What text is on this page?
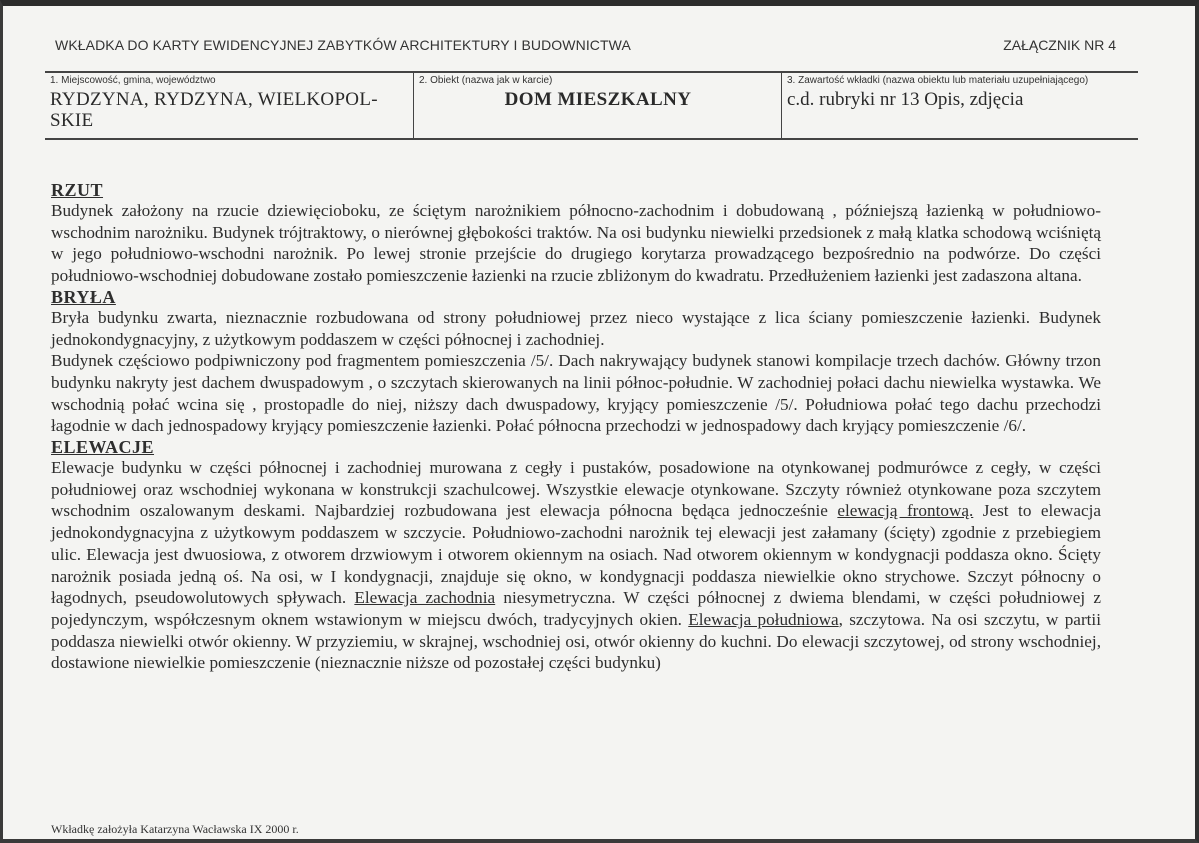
WKŁADKA DO KARTY EWIDENCYJNEJ ZABYTKÓW ARCHITEKTURY I BUDOWNICTWA	ZAŁĄCZNIK NR 4
1. Miejscowość, gmina, województwo
RYDZYNA, RYDZYNA, WIELKOPOL-SKIE
2. Obiekt (nazwa jak w karcie)
DOM MIESZKALNY
3. Zawartość wkładki (nazwa obiektu lub materiału uzupełniającego)
c.d. rubryki nr 13 Opis, zdjęcia
RZUT
Budynek założony na rzucie dziewięcioboku, ze ściętym narożnikiem północno-zachodnim i dobudowaną , późniejszą łazienką w południowo-wschodnim narożniku. Budynek trójtraktowy, o nierównej głębokości traktów. Na osi budynku niewielki przedsionek z małą klatka schodową wciśniętą w jego południowo-wschodni narożnik. Po lewej stronie przejście do drugiego korytarza prowadzącego bezpośrednio na podwórze. Do części południowo-wschodniej dobudowane zostało pomieszczenie łazienki na rzucie zbliżonym do kwadratu. Przedłużeniem łazienki jest zadaszona altana.
BRYŁA
Bryła budynku zwarta, nieznacznie rozbudowana od strony południowej przez nieco wystające z lica ściany pomieszczenie łazienki. Budynek jednokondygnacyjny, z użytkowym poddaszem w części północnej i zachodniej.
Budynek częściowo podpiwniczony pod fragmentem pomieszczenia /5/. Dach nakrywający budynek stanowi kompilacje trzech dachów. Główny trzon budynku nakryty jest dachem dwuspadowym , o szczytach skierowanych na linii północ-południe. W zachodniej połaci dachu niewielka wystawka. We wschodnią połać wcina się , prostopadle do niej, niższy dach dwuspadowy, kryjący pomieszczenie /5/. Południowa połać tego dachu przechodzi łagodnie w dach jednospadowy kryjący pomieszczenie łazienki. Połać północna przechodzi w jednospadowy dach kryjący pomieszczenie /6/.
ELEWACJE
Elewacje budynku w części północnej i zachodniej murowana z cegły i pustaków, posadowione na otynkowanej podmurówce z cegły, w części południowej oraz wschodniej wykonana w konstrukcji szachulcowej. Wszystkie elewacje otynkowane. Szczyty również otynkowane poza szczytem wschodnim oszalowanym deskami. Najbardziej rozbudowana jest elewacja północna będąca jednocześnie elewacją frontową. Jest to elewacja jednokondygnacyjna z użytkowym poddaszem w szczycie. Południowo-zachodni narożnik tej elewacji jest załamany (ścięty) zgodnie z przebiegiem ulic. Elewacja jest dwuosiowa, z otworem drzwiowym i otworem okiennym na osiach. Nad otworem okiennym w kondygnacji poddasza okno. Ścięty narożnik posiada jedną oś. Na osi, w I kondygnacji, znajduje się okno, w kondygnacji poddasza niewielkie okno strychowe. Szczyt północny o łagodnych, pseudowolutowych spływach. Elewacja zachodnia niesymetryczna. W części północnej z dwiema blendami, w części południowej z pojedynczym, współczesnym oknem wstawionym w miejscu dwóch, tradycyjnych okien. Elewacja południowa, szczytowa. Na osi szczytu, w partii poddasza niewielki otwór okienny. W przyziemiu, w skrajnej, wschodniej osi, otwór okienny do kuchni. Do elewacji szczytowej, od strony wschodniej, dostawione niewielkie pomieszczenie (nieznacznie niższe od pozostałej części budynku)
Wkładkę założyła Katarzyna Wacławska IX 2000 r.
